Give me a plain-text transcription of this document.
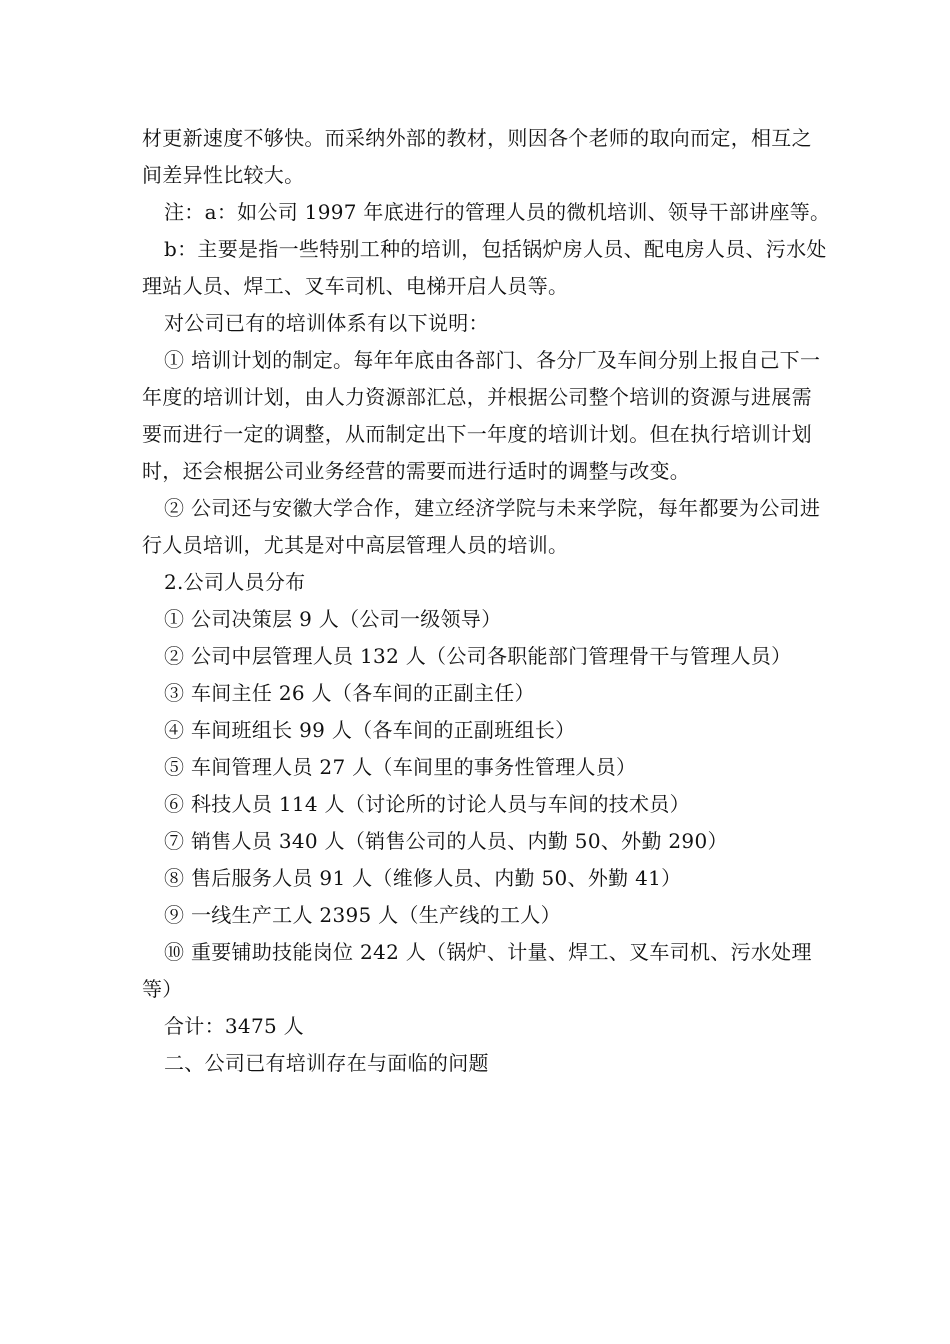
材更新速度不够快。而采纳外部的教材，则因各个老师的取向而定，相互之间差异性比较大。

注：a：如公司 1997 年底进行的管理人员的微机培训、领导干部讲座等。

b：主要是指一些特别工种的培训，包括锅炉房人员、配电房人员、污水处理站人员、焊工、叉车司机、电梯开启人员等。

对公司已有的培训体系有以下说明：

① 培训计划的制定。每年年底由各部门、各分厂及车间分别上报自己下一年度的培训计划，由人力资源部汇总，并根据公司整个培训的资源与进展需要而进行一定的调整，从而制定出下一年度的培训计划。但在执行培训计划时，还会根据公司业务经营的需要而进行适时的调整与改变。

② 公司还与安徽大学合作，建立经济学院与未来学院，每年都要为公司进行人员培训，尤其是对中高层管理人员的培训。

2.公司人员分布

① 公司决策层 9 人（公司一级领导）

② 公司中层管理人员 132 人（公司各职能部门管理骨干与管理人员）

③ 车间主任 26 人（各车间的正副主任）

④ 车间班组长 99 人（各车间的正副班组长）

⑤ 车间管理人员 27 人（车间里的事务性管理人员）

⑥ 科技人员 114 人（讨论所的讨论人员与车间的技术员）

⑦ 销售人员 340 人（销售公司的人员、内勤 50、外勤 290）

⑧ 售后服务人员 91 人（维修人员、内勤 50、外勤 41）

⑨ 一线生产工人 2395 人（生产线的工人）

⑩ 重要铺助技能岗位 242 人（锅炉、计量、焊工、叉车司机、污水处理等）

合计：3475 人

二、公司已有培训存在与面临的问题
